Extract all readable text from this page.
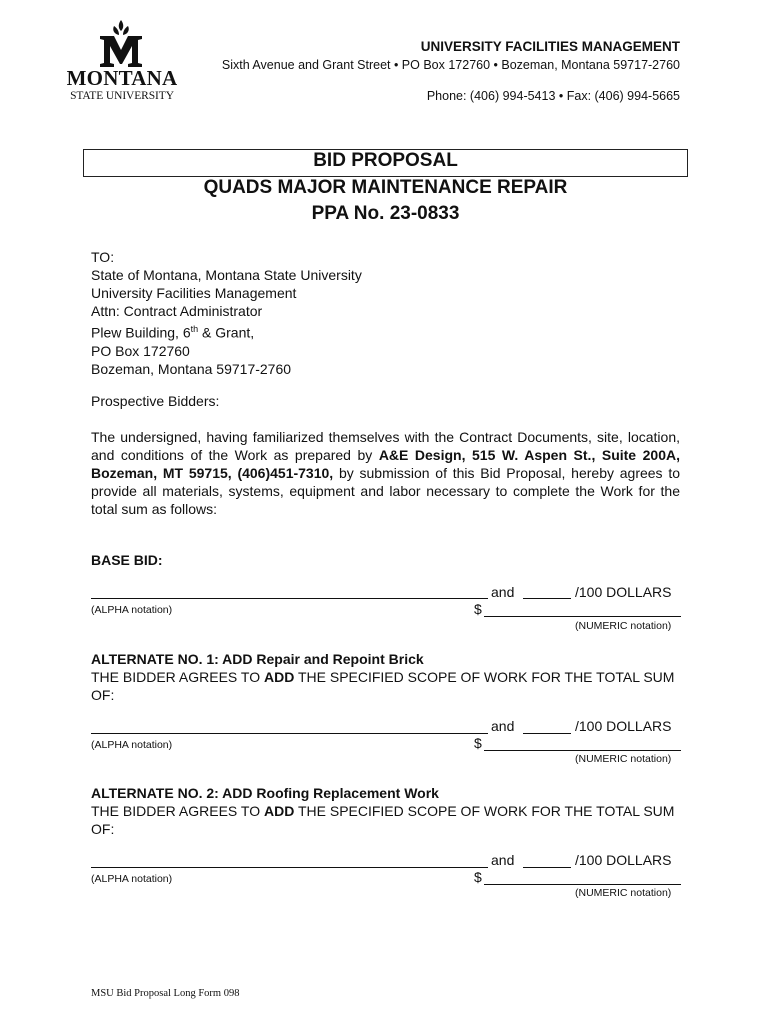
MONTANA
STATE UNIVERSITY
UNIVERSITY FACILITIES MANAGEMENT
Sixth Avenue and Grant Street • PO Box 172760 • Bozeman, Montana 59717-2760
Phone: (406) 994-5413 • Fax: (406) 994-5665
BID PROPOSAL
QUADS MAJOR MAINTENANCE REPAIR
PPA No. 23-0833
TO:
State of Montana, Montana State University
University Facilities Management
Attn: Contract Administrator
Plew Building, 6th & Grant,
PO Box 172760
Bozeman, Montana 59717-2760
Prospective Bidders:
The undersigned, having familiarized themselves with the Contract Documents, site, location, and conditions of the Work as prepared by A&E Design, 515 W. Aspen St., Suite 200A, Bozeman, MT 59715, (406)451-7310, by submission of this Bid Proposal, hereby agrees to provide all materials, systems, equipment and labor necessary to complete the Work for the total sum as follows:
BASE BID:
and	/100 DOLLARS
(ALPHA notation)	$
(NUMERIC notation)
ALTERNATE NO. 1: ADD Repair and Repoint Brick
THE BIDDER AGREES TO ADD THE SPECIFIED SCOPE OF WORK FOR THE TOTAL SUM OF:
and	/100 DOLLARS
(ALPHA notation)	$
(NUMERIC notation)
ALTERNATE NO. 2: ADD Roofing Replacement Work
THE BIDDER AGREES TO ADD THE SPECIFIED SCOPE OF WORK FOR THE TOTAL SUM OF:
and	/100 DOLLARS
(ALPHA notation)	$
(NUMERIC notation)
MSU Bid Proposal Long Form 098
